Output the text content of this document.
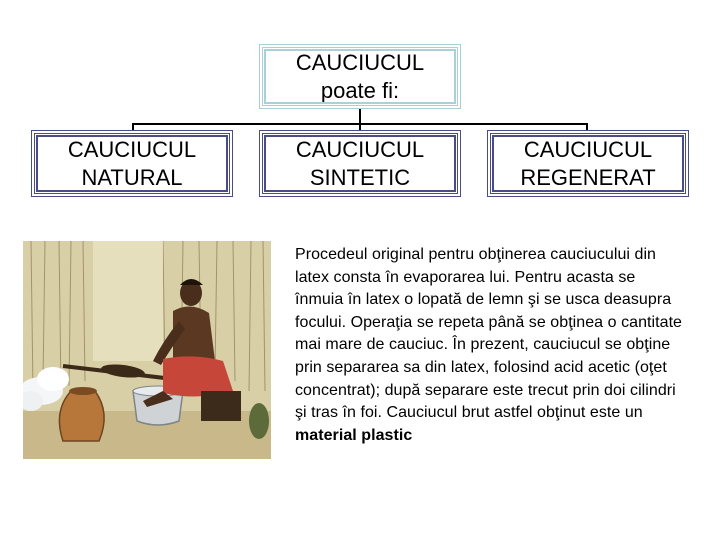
CAUCIUCUL
poate fi:
CAUCIUCUL
NATURAL
CAUCIUCUL
SINTETIC
CAUCIUCUL
REGENERAT
Procedeul original pentru obţinerea cauciucului din latex consta în evaporarea lui. Pentru acasta se înmuia în latex o lopată de lemn şi se usca deasupra focului. Operaţia se repeta până se obţinea o cantitate mai mare de cauciuc. În prezent, cauciucul se obţine prin separarea sa din latex, folosind acid acetic (oţet concentrat); după separare este trecut prin doi cilindri şi tras în foi. Cauciucul brut astfel obţinut este un material plastic
